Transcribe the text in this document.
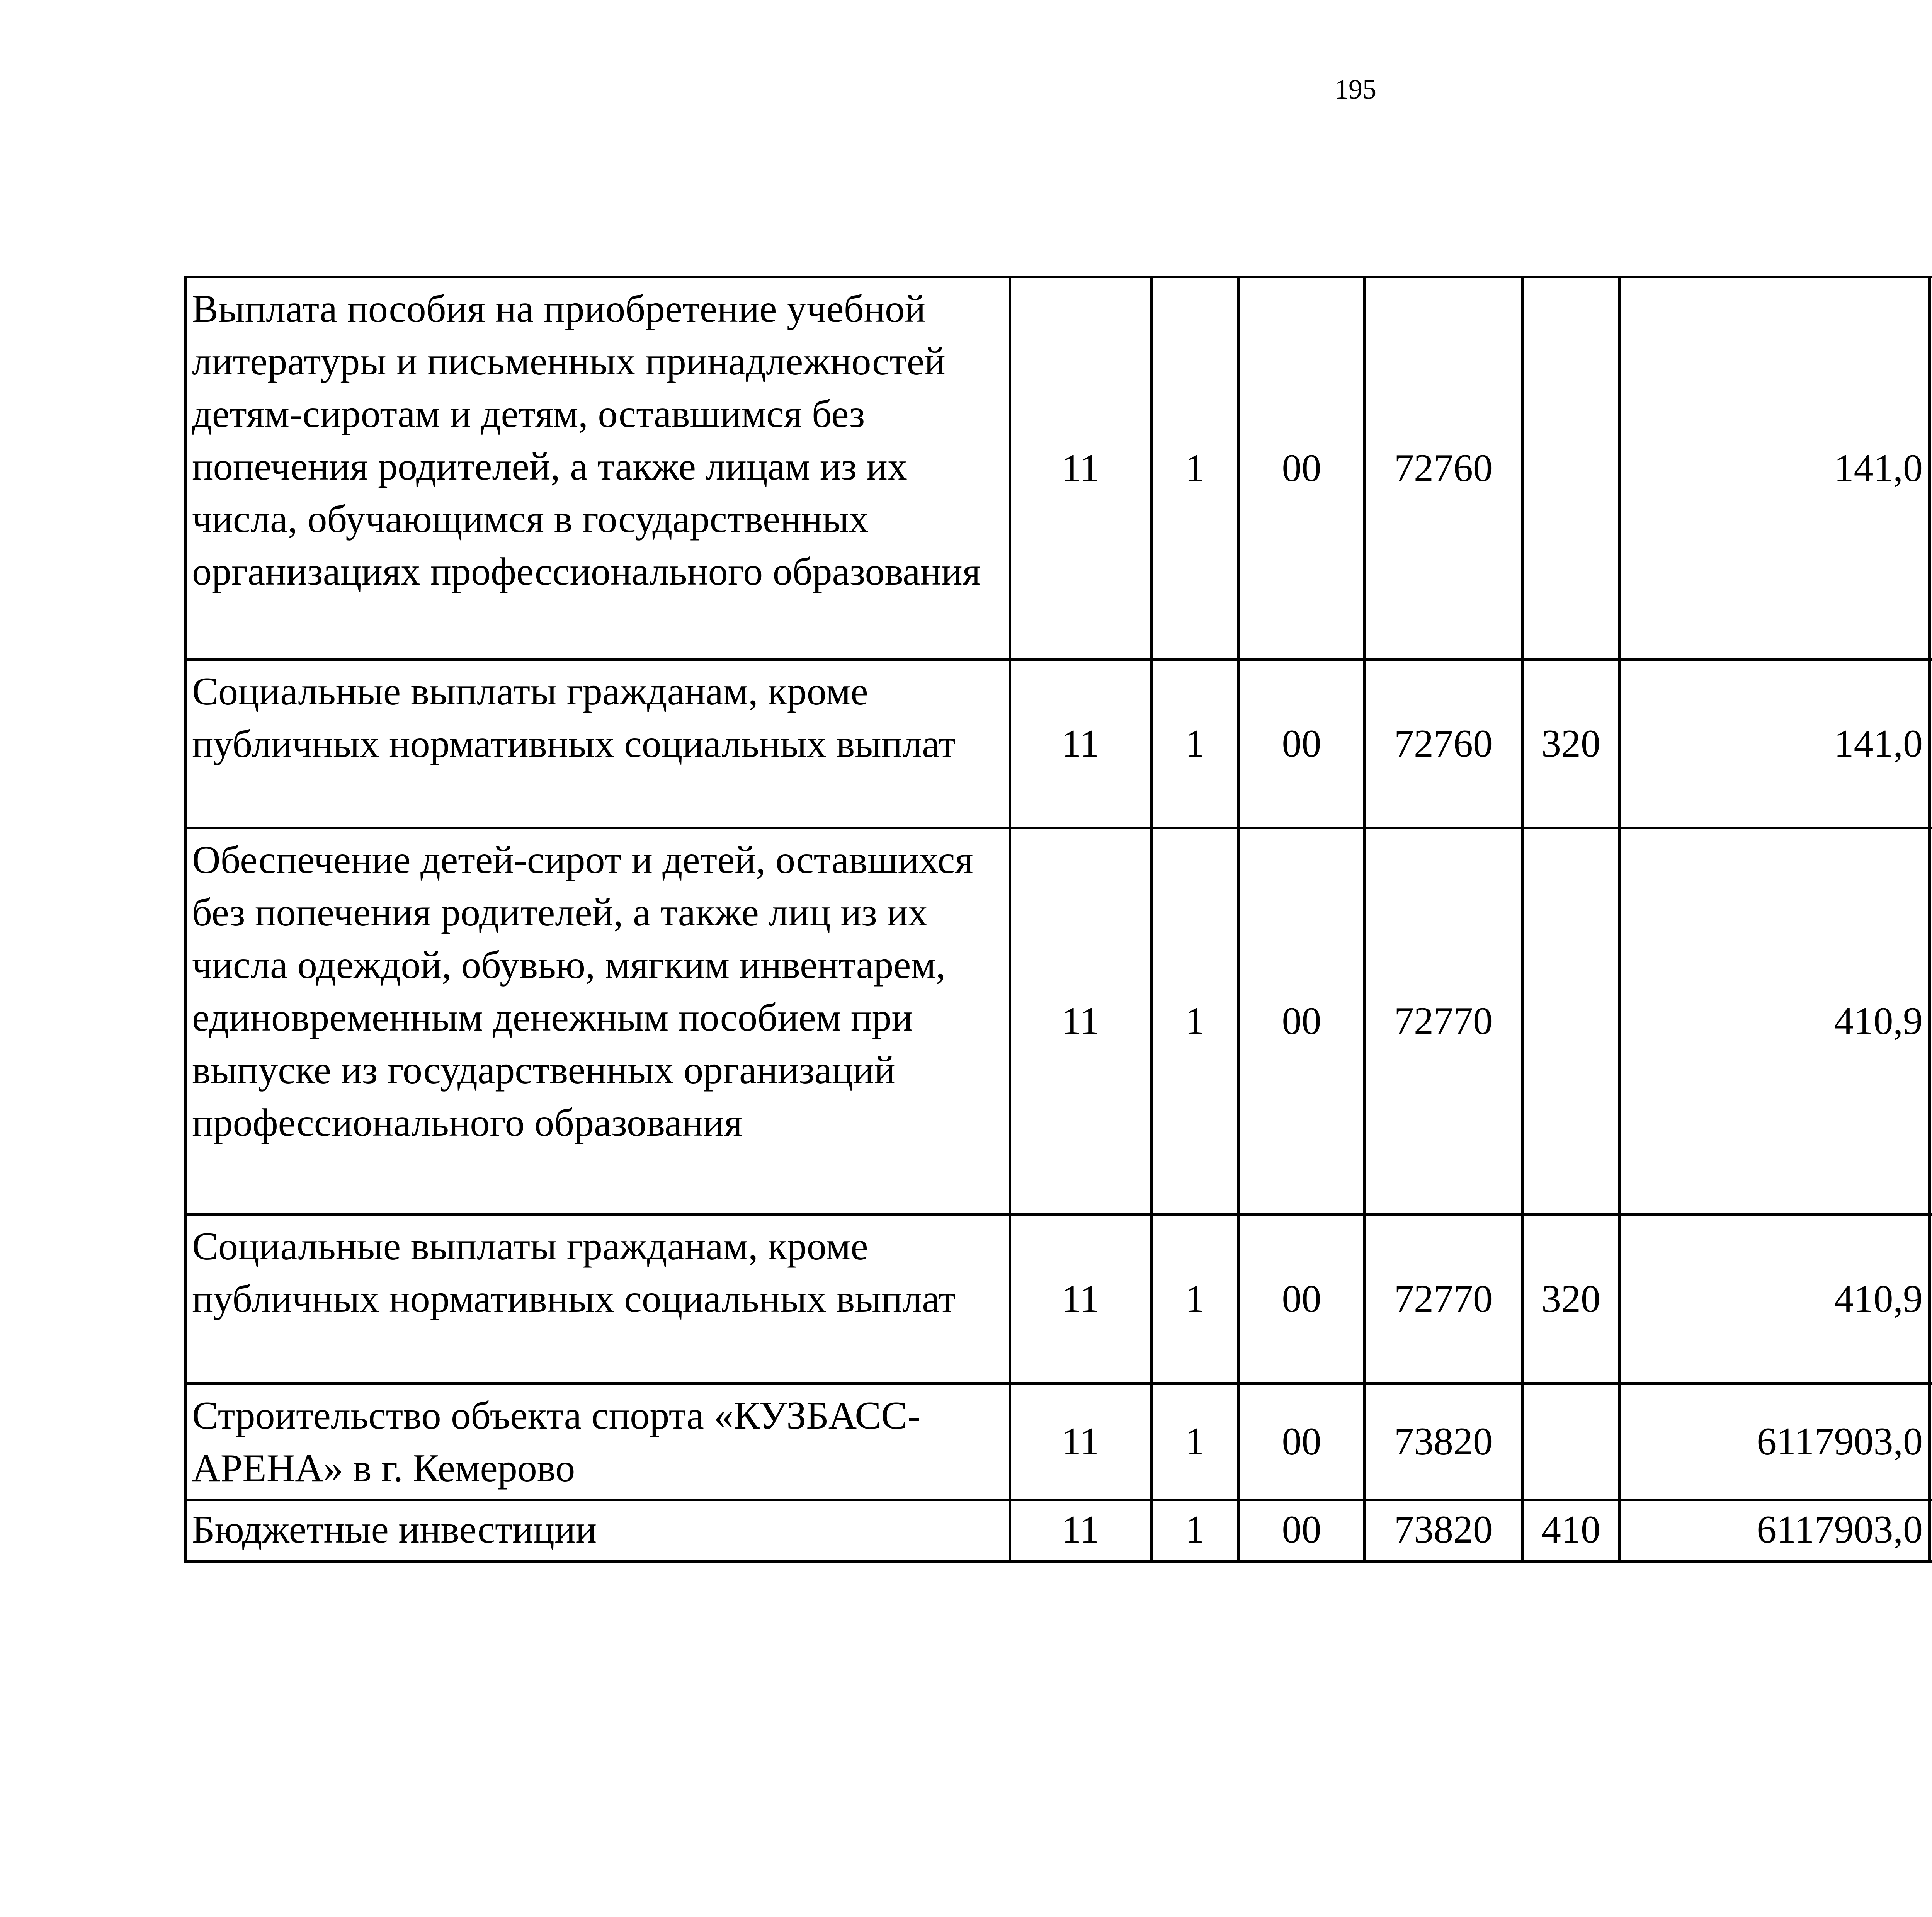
195
Выплата пособия на приобретение учебной литературы и письменных принадлежностей детям-сиротам и детям, оставшимся без попечения родителей, а также лицам из их числа, обучающимся в государственных организациях профессионального образования	11	1	00	72760		141,0		
Социальные выплаты гражданам, кроме публичных нормативных социальных выплат	11	1	00	72760	320	141,0		
Обеспечение детей-сирот и детей, оставшихся без попечения родителей, а также лиц из их числа одеждой, обувью, мягким инвентарем, единовременным денежным пособием при выпуске из государственных организаций профессионального образования	11	1	00	72770		410,9		
Социальные выплаты гражданам, кроме публичных нормативных социальных выплат	11	1	00	72770	320	410,9		
Строительство объекта спорта «КУЗБАСС-АРЕНА» в г. Кемерово	11	1	00	73820		6117903,0		
Бюджетные инвестиции	11	1	00	73820	410	6117903,0		
